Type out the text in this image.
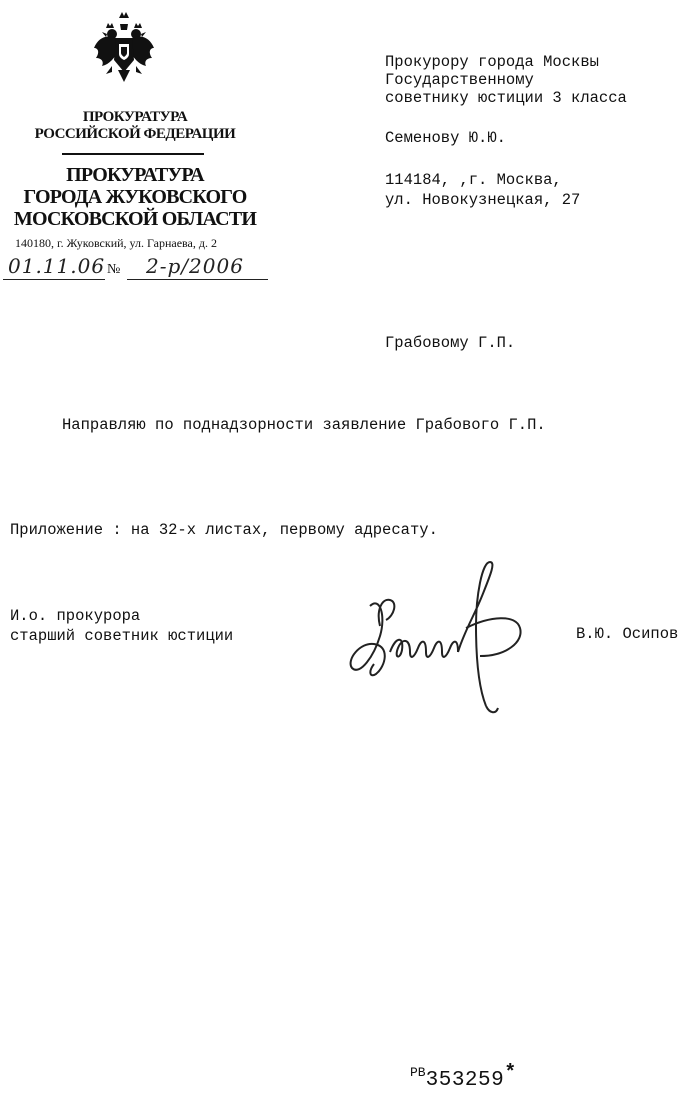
ПРОКУРАТУРА
РОССИЙСКОЙ ФЕДЕРАЦИИ
ПРОКУРАТУРА
ГОРОДА ЖУКОВСКОГО
МОСКОВСКОЙ ОБЛАСТИ
140180, г. Жуковский, ул. Гарнаева, д. 2
01.11.06 № 2-р/2006
Прокурору города Москвы
Государственному
советнику юстиции 3 класса
Семенову Ю.Ю.
114184, ,г. Москва,
ул. Новокузнецкая, 27
Грабовому Г.П.
Направляю по поднадзорности заявление Грабового Г.П.
Приложение : на 32-х листах, первому адресату.
И.о. прокурора
старший советник юстиции	В.Ю. Осипов
$^{РВ}$353259*
